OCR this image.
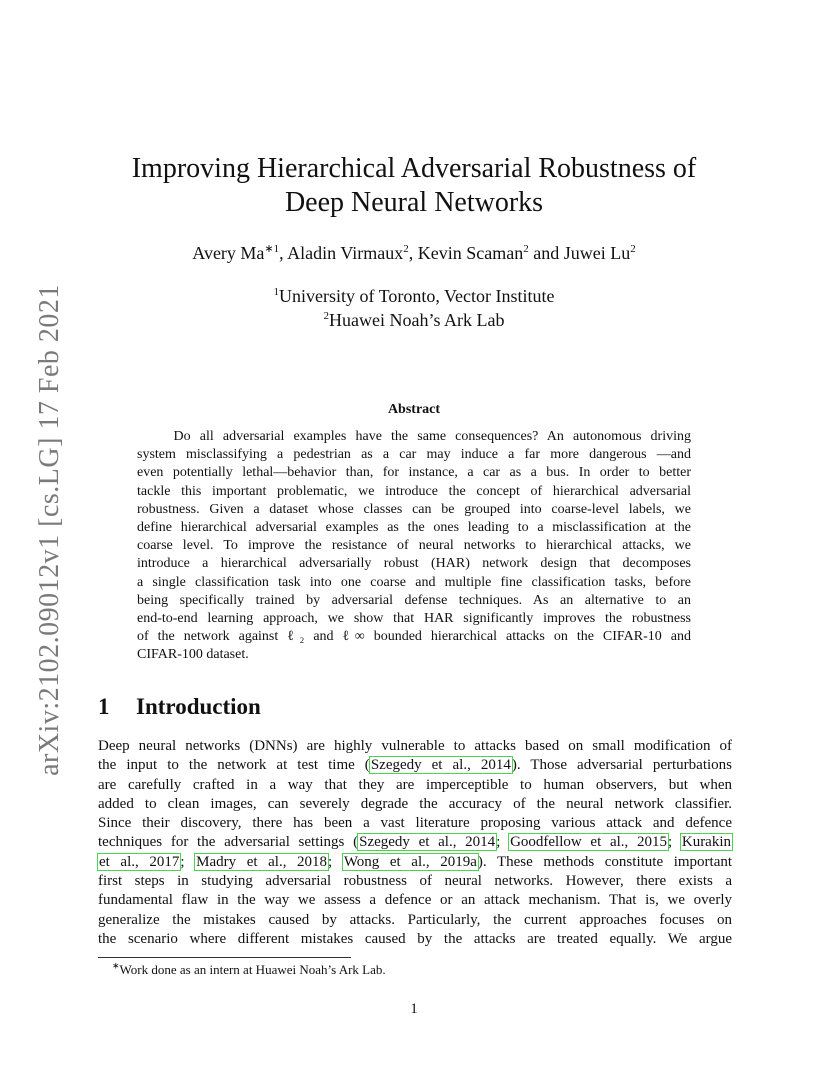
arXiv:2102.09012v1 [cs.LG] 17 Feb 2021
Improving Hierarchical Adversarial Robustness of
Deep Neural Networks
Avery $Ma^{∗1}$, Aladin Virmaux$^2$, Kevin Scaman$^2$ and Juwei Lu$^2$
$^1$University of Toronto, Vector Institute
$^2$Huawei Noah’s Ark Lab
Abstract
Do all adversarial examples have the same consequences? An autonomous driving
system misclassifying a pedestrian as a car may induce a far more dangerous —and
even potentially lethal—behavior than, for instance, a car as a bus. In order to better
tackle this important problematic, we introduce the concept of hierarchical adversarial
robustness. Given a dataset whose classes can be grouped into coarse-level labels, we
define hierarchical adversarial examples as the ones leading to a misclassification at the
coarse level. To improve the resistance of neural networks to hierarchical attacks, we
introduce a hierarchical adversarially robust (HAR) network design that decomposes
a single classification task into one coarse and multiple fine classification tasks, before
being specifically trained by adversarial defense techniques. As an alternative to an
end-to-end learning approach, we show that HAR significantly improves the robustness
of the network against ℓ₂ and ℓ∞ bounded hierarchical attacks on the CIFAR-10 and
CIFAR-100 dataset.
1 Introduction
Deep neural networks (DNNs) are highly vulnerable to attacks based on small modification of
the input to the network at test time (Szegedy et al., 2014). Those adversarial perturbations
are carefully crafted in a way that they are imperceptible to human observers, but when
added to clean images, can severely degrade the accuracy of the neural network classifier.
Since their discovery, there has been a vast literature proposing various attack and defence
techniques for the adversarial settings (Szegedy et al., 2014; Goodfellow et al., 2015; Kurakin
et al., 2017; Madry et al., 2018; Wong et al., 2019a). These methods constitute important
first steps in studying adversarial robustness of neural networks. However, there exists a
fundamental flaw in the way we assess a defence or an attack mechanism. That is, we overly
generalize the mistakes caused by attacks. Particularly, the current approaches focuses on
the scenario where different mistakes caused by the attacks are treated equally. We argue
∗Work done as an intern at Huawei Noah’s Ark Lab.
1
